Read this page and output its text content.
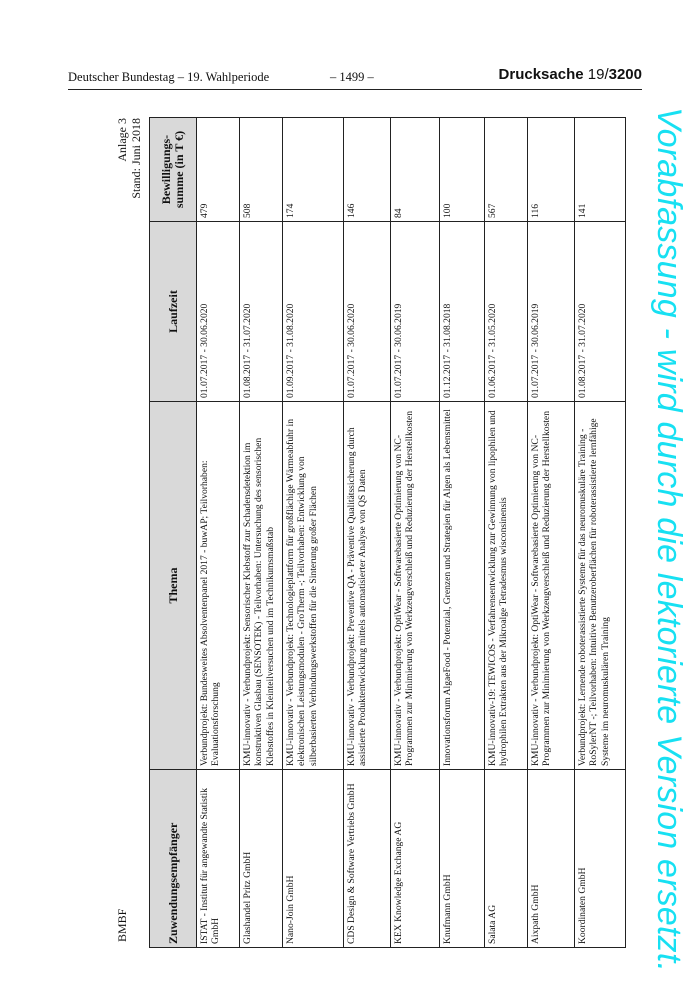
Deutscher Bundestag – 19. Wahlperiode	– 1499 –	Drucksache 19/3200
BMBF
Anlage 3 Stand: Juni 2018
Zuwendungsempfänger	Thema	Laufzeit	Bewilligungs-summe (in T €)
ISTAT - Institut für angewandte Statistik GmbH	Verbundprojekt: Bundesweites Absolventenpanel 2017 - buwAP; Teilvorhaben: Evaluationsforschung	01.07.2017 - 30.06.2020	479
Glashandel Pritz GmbH	KMU-innovativ - Verbundprojekt: Sensorischer Klebstoff zur Schadensdetektion im konstruktiven Glasbau (SENSOTEK) - Teilvorhaben: Untersuchung des sensorischen Klebstoffes in Kleinteilversuchen und im Technikumsmaßstab	01.08.2017 - 31.07.2020	508
Nano-Join GmbH	KMU-innovativ - Verbundprojekt: Technologieplattform für großflächige Wärmeabfuhr in elektronischen Leistungsmodulen - GroTherm -; Teilvorhaben: Entwicklung von silberbasierten Verbindungswerkstoffen für die Sinterung großer Flächen	01.09.2017 - 31.08.2020	174
CDS Design & Software Vertriebs GmbH	KMU-innovativ - Verbundprojekt: Preventive QA - Präventive Qualitätssicherung durch assistierte Produktentwicklung mittels automatisierter Analyse von QS Daten	01.07.2017 - 30.06.2020	146
KEX Knowledge Exchange AG	KMU-innovativ - Verbundprojekt: OptiWear - Softwarebasierte Optimierung von NC-Programmen zur Minimierung von Werkzeugverschleiß und Reduzierung der Herstellkosten	01.07.2017 - 30.06.2019	84
Knufmann GmbH	Innovationsforum AlgaeFood - Potenzial, Grenzen und Strategien für Algen als Lebensmittel	01.12.2017 - 31.08.2018	100
Salata AG	KMU-innovativ-19: TEWICOS - Verfahrensentwicklung zur Gewinnung von lipophilen und hydrophilen Extrakten aus der Mikroalge Tetradesmus wisconsinensis	01.06.2017 - 31.05.2020	567
Aixpath GmbH	KMU-innovativ - Verbundprojekt: OptiWear - Softwarebasierte Optimierung von NC-Programmen zur Minimierung von Werkzeugverschleiß und Reduzierung der Herstellkosten	01.07.2017 - 30.06.2019	116
Koordinaten GmbH	Verbundprojekt: Lernende roboterassistierte Systeme für das neuromuskuläre Training - RoSylerNT -; Teilvorhaben: Intuitive Benutzeroberflächen für roboterassistierte lernfähige Systeme im neuromuskulären Training	01.08.2017 - 31.07.2020	141 Vorabfassung - wird durch die lektorierte Version ersetzt.
